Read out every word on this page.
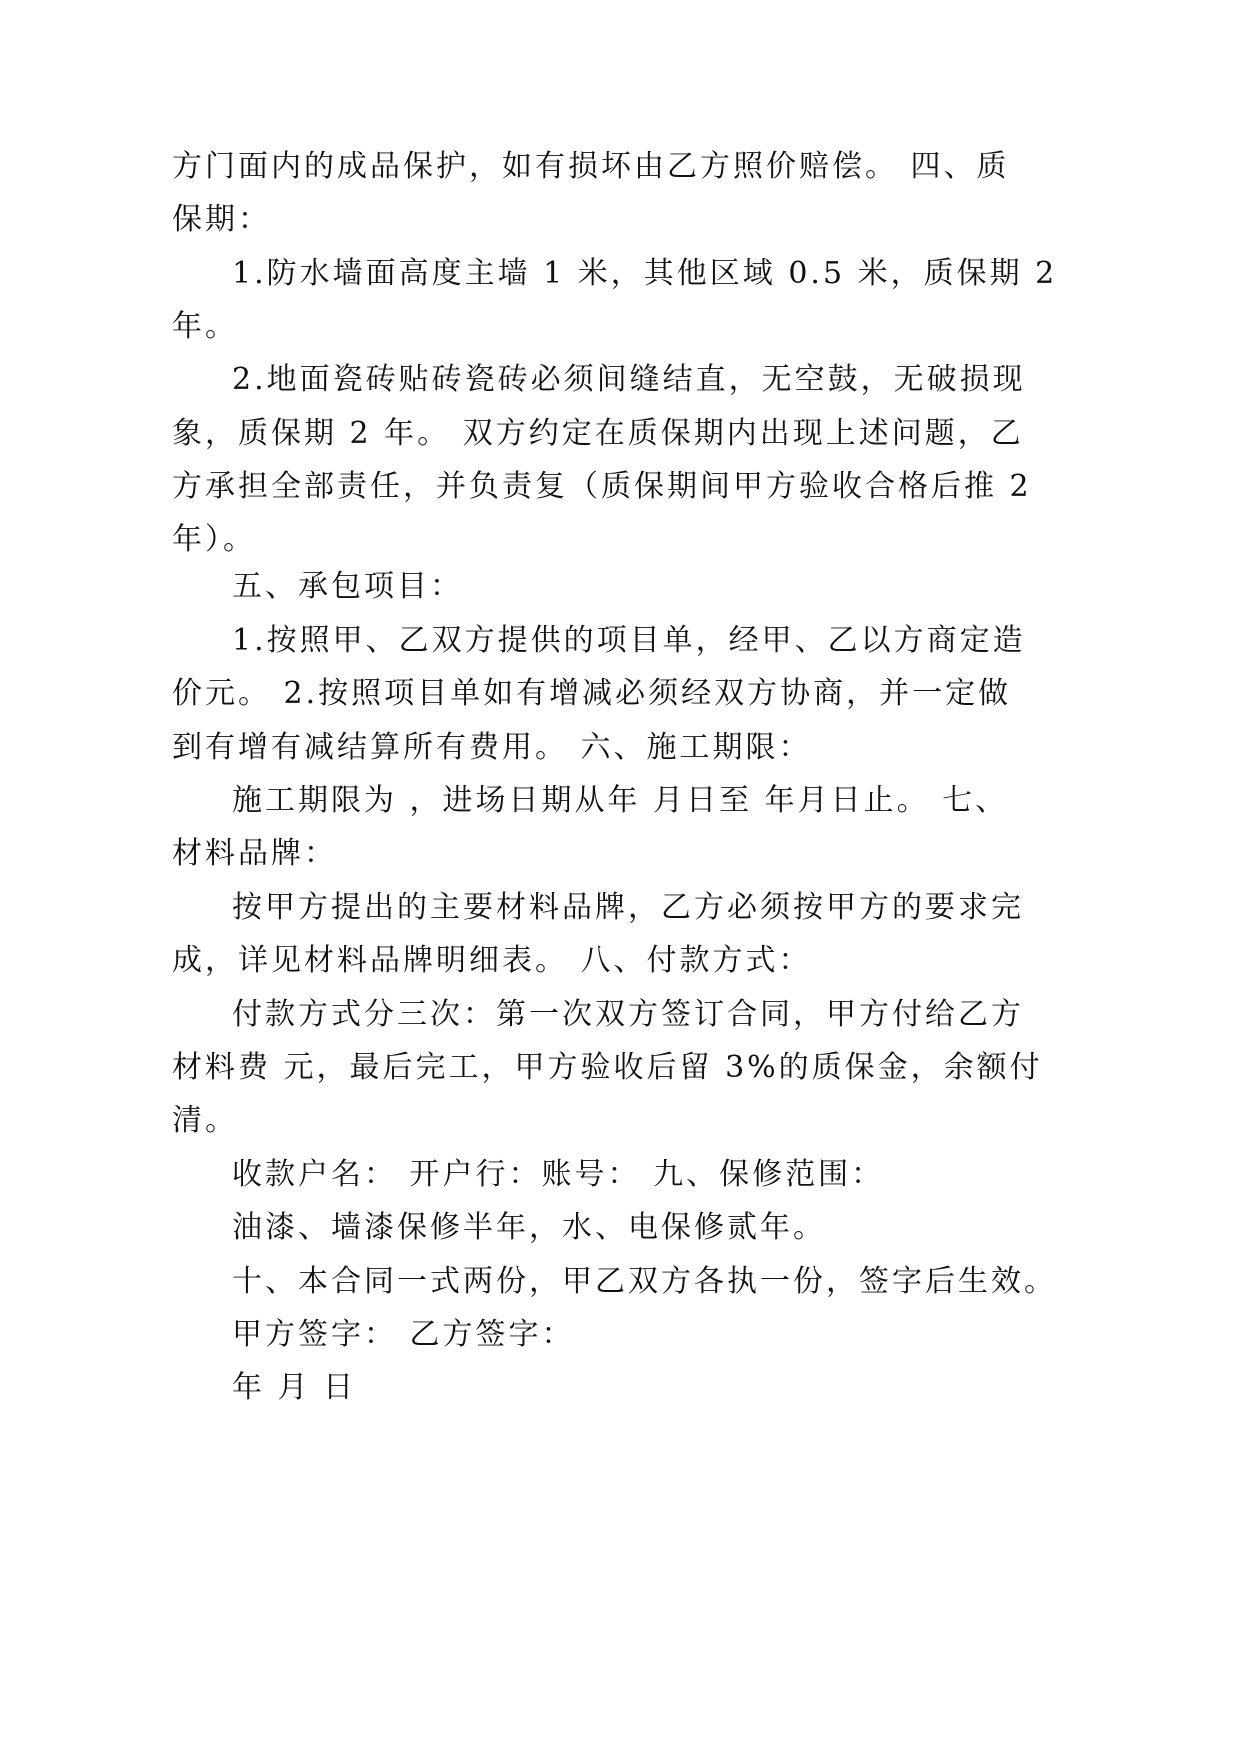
方门面内的成品保护，如有损坏由乙方照价赔偿。 四、质
保期：
1.防水墙面高度主墙 1 米，其他区域 0.5 米，质保期 2
年。
2.地面瓷砖贴砖瓷砖必须间缝结直，无空鼓，无破损现
象，质保期 2 年。 双方约定在质保期内出现上述问题，乙
方承担全部责任，并负责复（质保期间甲方验收合格后推 2
年）。
五、承包项目：
1.按照甲、乙双方提供的项目单，经甲、乙以方商定造
价元。 2.按照项目单如有增减必须经双方协商，并一定做
到有增有减结算所有费用。 六、施工期限：
施工期限为 ，进场日期从年 月日至 年月日止。 七、
材料品牌：
按甲方提出的主要材料品牌，乙方必须按甲方的要求完
成，详见材料品牌明细表。 八、付款方式：
付款方式分三次：第一次双方签订合同，甲方付给乙方
材料费 元，最后完工，甲方验收后留 3%的质保金，余额付
清。
收款户名： 开户行：账号： 九、保修范围：
油漆、墙漆保修半年，水、电保修贰年。
十、本合同一式两份，甲乙双方各执一份，签字后生效。
甲方签字： 乙方签字：
年 月 日
